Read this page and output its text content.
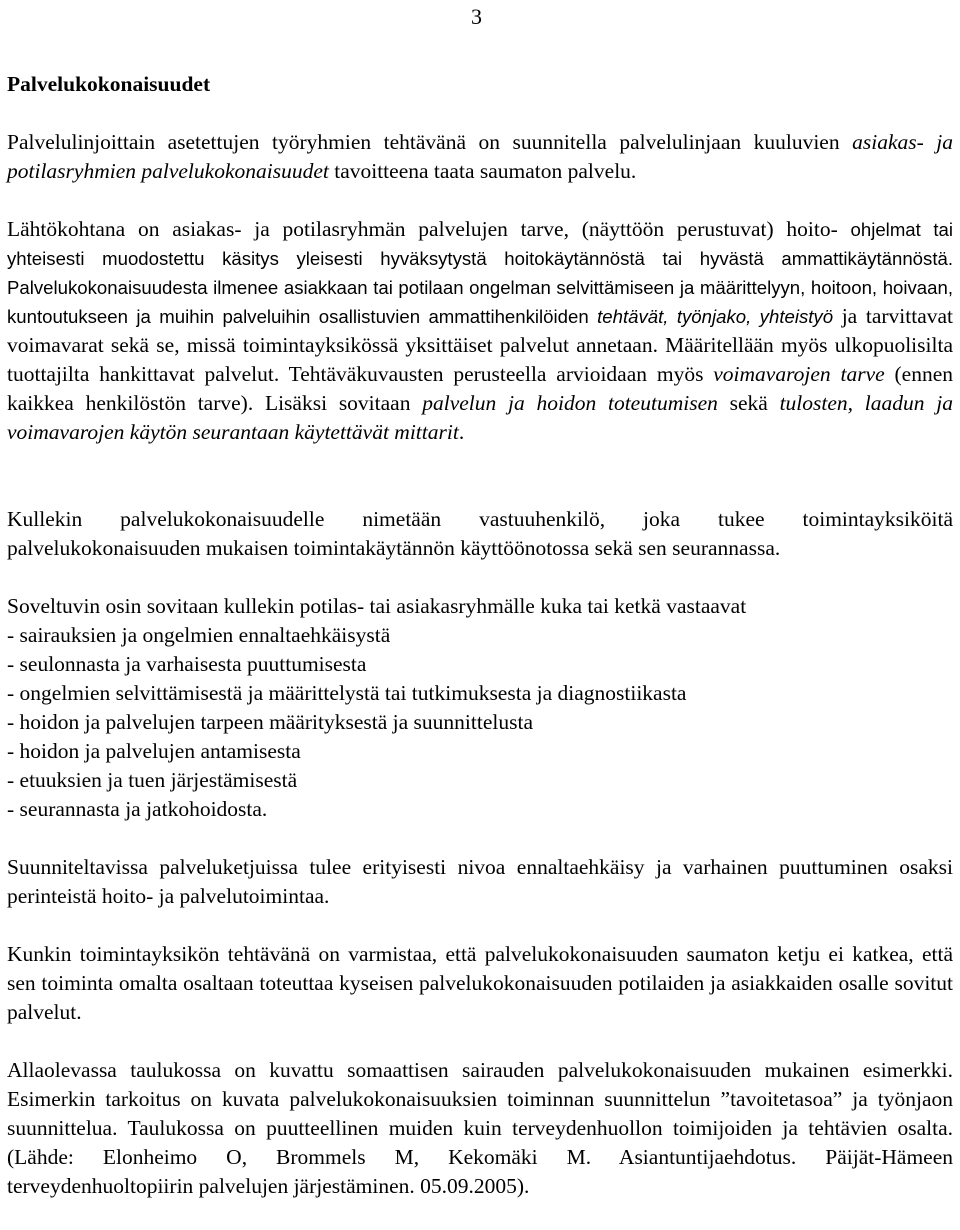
3
Palvelukokonaisuudet

Palvelulinjoittain asetettujen työryhmien tehtävänä on suunnitella palvelulinjaan kuuluvien asiakas- ja potilasryhmien palvelukokonaisuudet tavoitteena taata saumaton palvelu.

Lähtökohtana on asiakas- ja potilasryhmän palvelujen tarve, (näyttöön perustuvat) hoito- ohjelmat tai yhteisesti muodostettu käsitys yleisesti hyväksytystä hoitokäytännöstä tai hyvästä ammattikäytännöstä. Palvelukokonaisuudesta ilmenee asiakkaan tai potilaan ongelman selvittämiseen ja määrittelyyn, hoitoon, hoivaan, kuntoutukseen ja muihin palveluihin osallistuvien ammattihenkilöiden tehtävät, työnjako, yhteistyö ja tarvittavat voimavarat sekä se, missä toimintayksikössä yksittäiset palvelut annetaan. Määritellään myös ulkopuolisilta tuottajilta hankittavat palvelut. Tehtäväkuvausten perusteella arvioidaan myös voimavarojen tarve (ennen kaikkea henkilöstön tarve). Lisäksi sovitaan palvelun ja hoidon toteutumisen sekä tulosten, laadun ja voimavarojen käytön seurantaan käytettävät mittarit.

Kullekin palvelukokonaisuudelle nimetään vastuuhenkilö, joka tukee toimintayksiköitä palvelukokonaisuuden mukaisen toimintakäytännön käyttöönotossa sekä sen seurannassa.

Soveltuvin osin sovitaan kullekin potilas- tai asiakasryhmälle kuka tai ketkä vastaavat

- sairauksien ja ongelmien ennaltaehkäisystä
- seulonnasta ja varhaisesta puuttumisesta
- ongelmien selvittämisestä ja määrittelystä tai tutkimuksesta ja diagnostiikasta
- hoidon ja palvelujen tarpeen määrityksestä ja suunnittelusta
- hoidon ja palvelujen antamisesta
- etuuksien ja tuen järjestämisestä
- seurannasta ja jatkohoidosta.

Suunniteltavissa palveluketjuissa tulee erityisesti nivoa ennaltaehkäisy ja varhainen puuttuminen osaksi perinteistä hoito- ja palvelutoimintaa.

Kunkin toimintayksikön tehtävänä on varmistaa, että palvelukokonaisuuden saumaton ketju ei katkea, että sen toiminta omalta osaltaan toteuttaa kyseisen palvelukokonaisuuden potilaiden ja asiakkaiden osalle sovitut palvelut.

Allaolevassa taulukossa on kuvattu somaattisen sairauden palvelukokonaisuuden mukainen esimerkki. Esimerkin tarkoitus on kuvata palvelukokonaisuuksien toiminnan suunnittelun ”tavoitetasoa” ja työnjaon suunnittelua. Taulukossa on puutteellinen muiden kuin terveydenhuollon toimijoiden ja tehtävien osalta. (Lähde: Elonheimo O, Brommels M, Kekomäki M. Asiantuntijaehdotus. Päijät-Hämeen terveydenhuoltopiirin palvelujen järjestäminen. 05.09.2005).
